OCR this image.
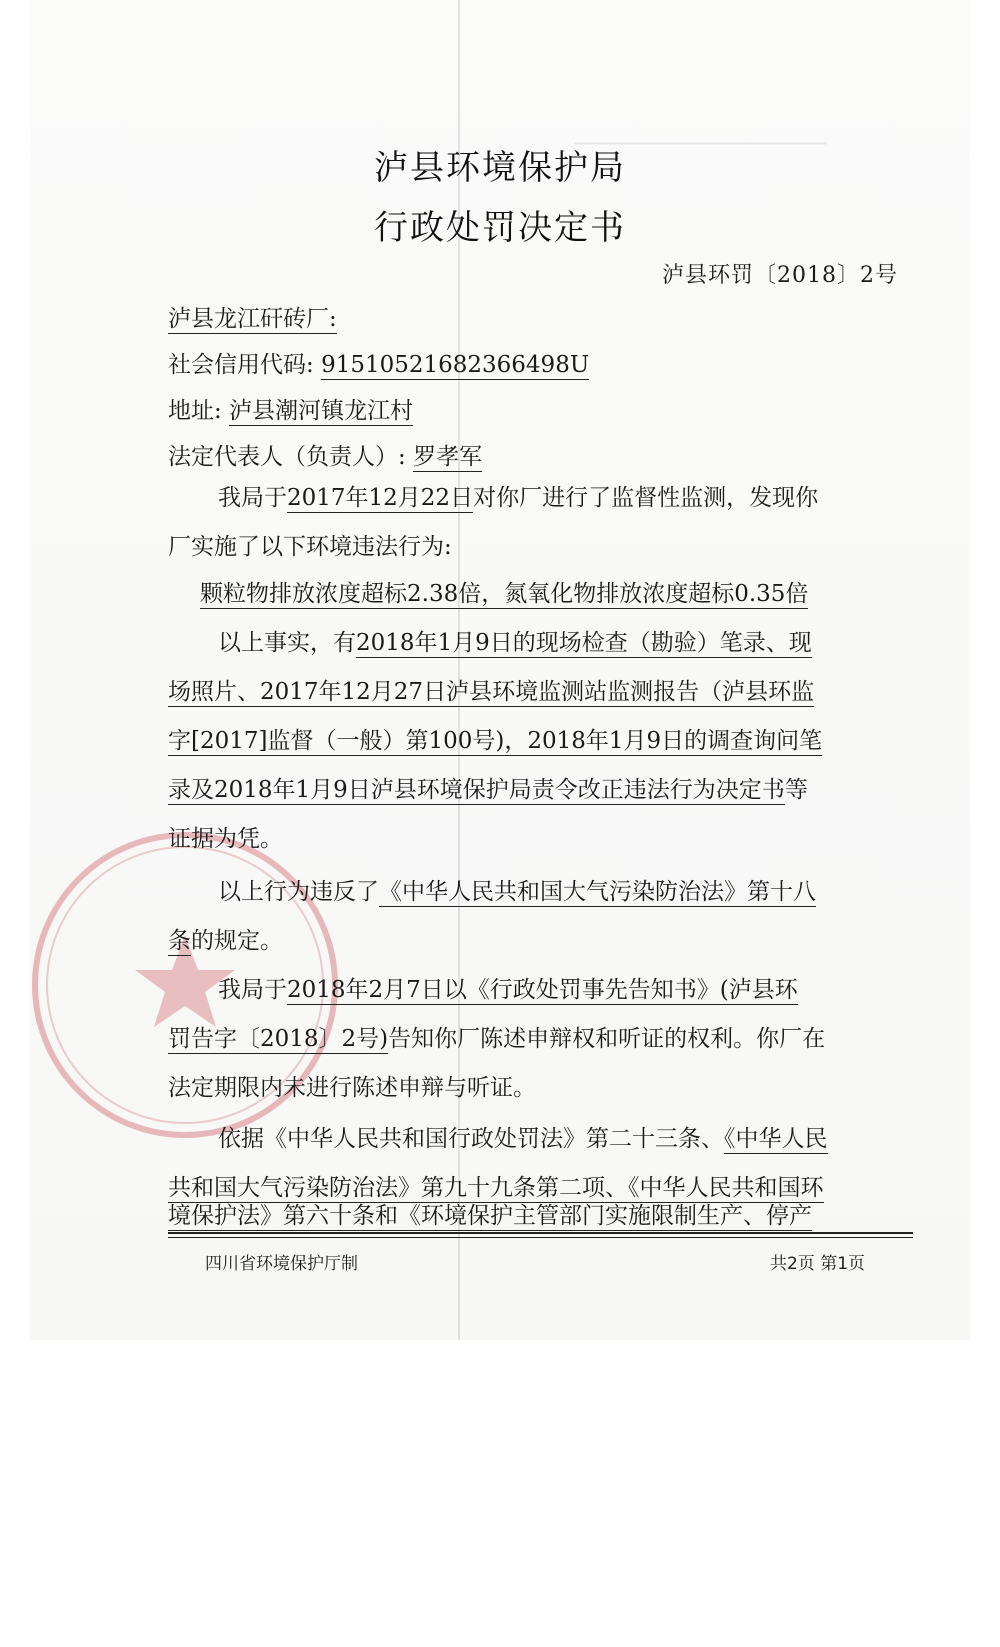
───────────────────
泸县环境保护局
行政处罚决定书
泸县环罚〔2018〕2号
泸县龙江矸砖厂:
社会信用代码: 91510521682366498U
地址: 泸县潮河镇龙江村
法定代表人（负责人）: 罗孝军
我局于2017年12月22日对你厂进行了监督性监测，发现你
厂实施了以下环境违法行为:
颗粒物排放浓度超标2.38倍，氮氧化物排放浓度超标0.35倍
以上事实，有2018年1月9日的现场检查（勘验）笔录、现
场照片、2017年12月27日泸县环境监测站监测报告（泸县环监
字[2017]监督（一般）第100号)，2018年1月9日的调查询问笔
录及2018年1月9日泸县环境保护局责令改正违法行为决定书等
证据为凭。
以上行为违反了《中华人民共和国大气污染防治法》第十八
条的规定。
我局于2018年2月7日以《行政处罚事先告知书》(泸县环
罚告字〔2018〕2号)告知你厂陈述申辩权和听证的权利。你厂在
法定期限内未进行陈述申辩与听证。
依据《中华人民共和国行政处罚法》第二十三条、《中华人民
共和国大气污染防治法》第九十九条第二项、《中华人民共和国环
境保护法》第六十条和《环境保护主管部门实施限制生产、停产
四川省环境保护厅制	共2页 第1页
